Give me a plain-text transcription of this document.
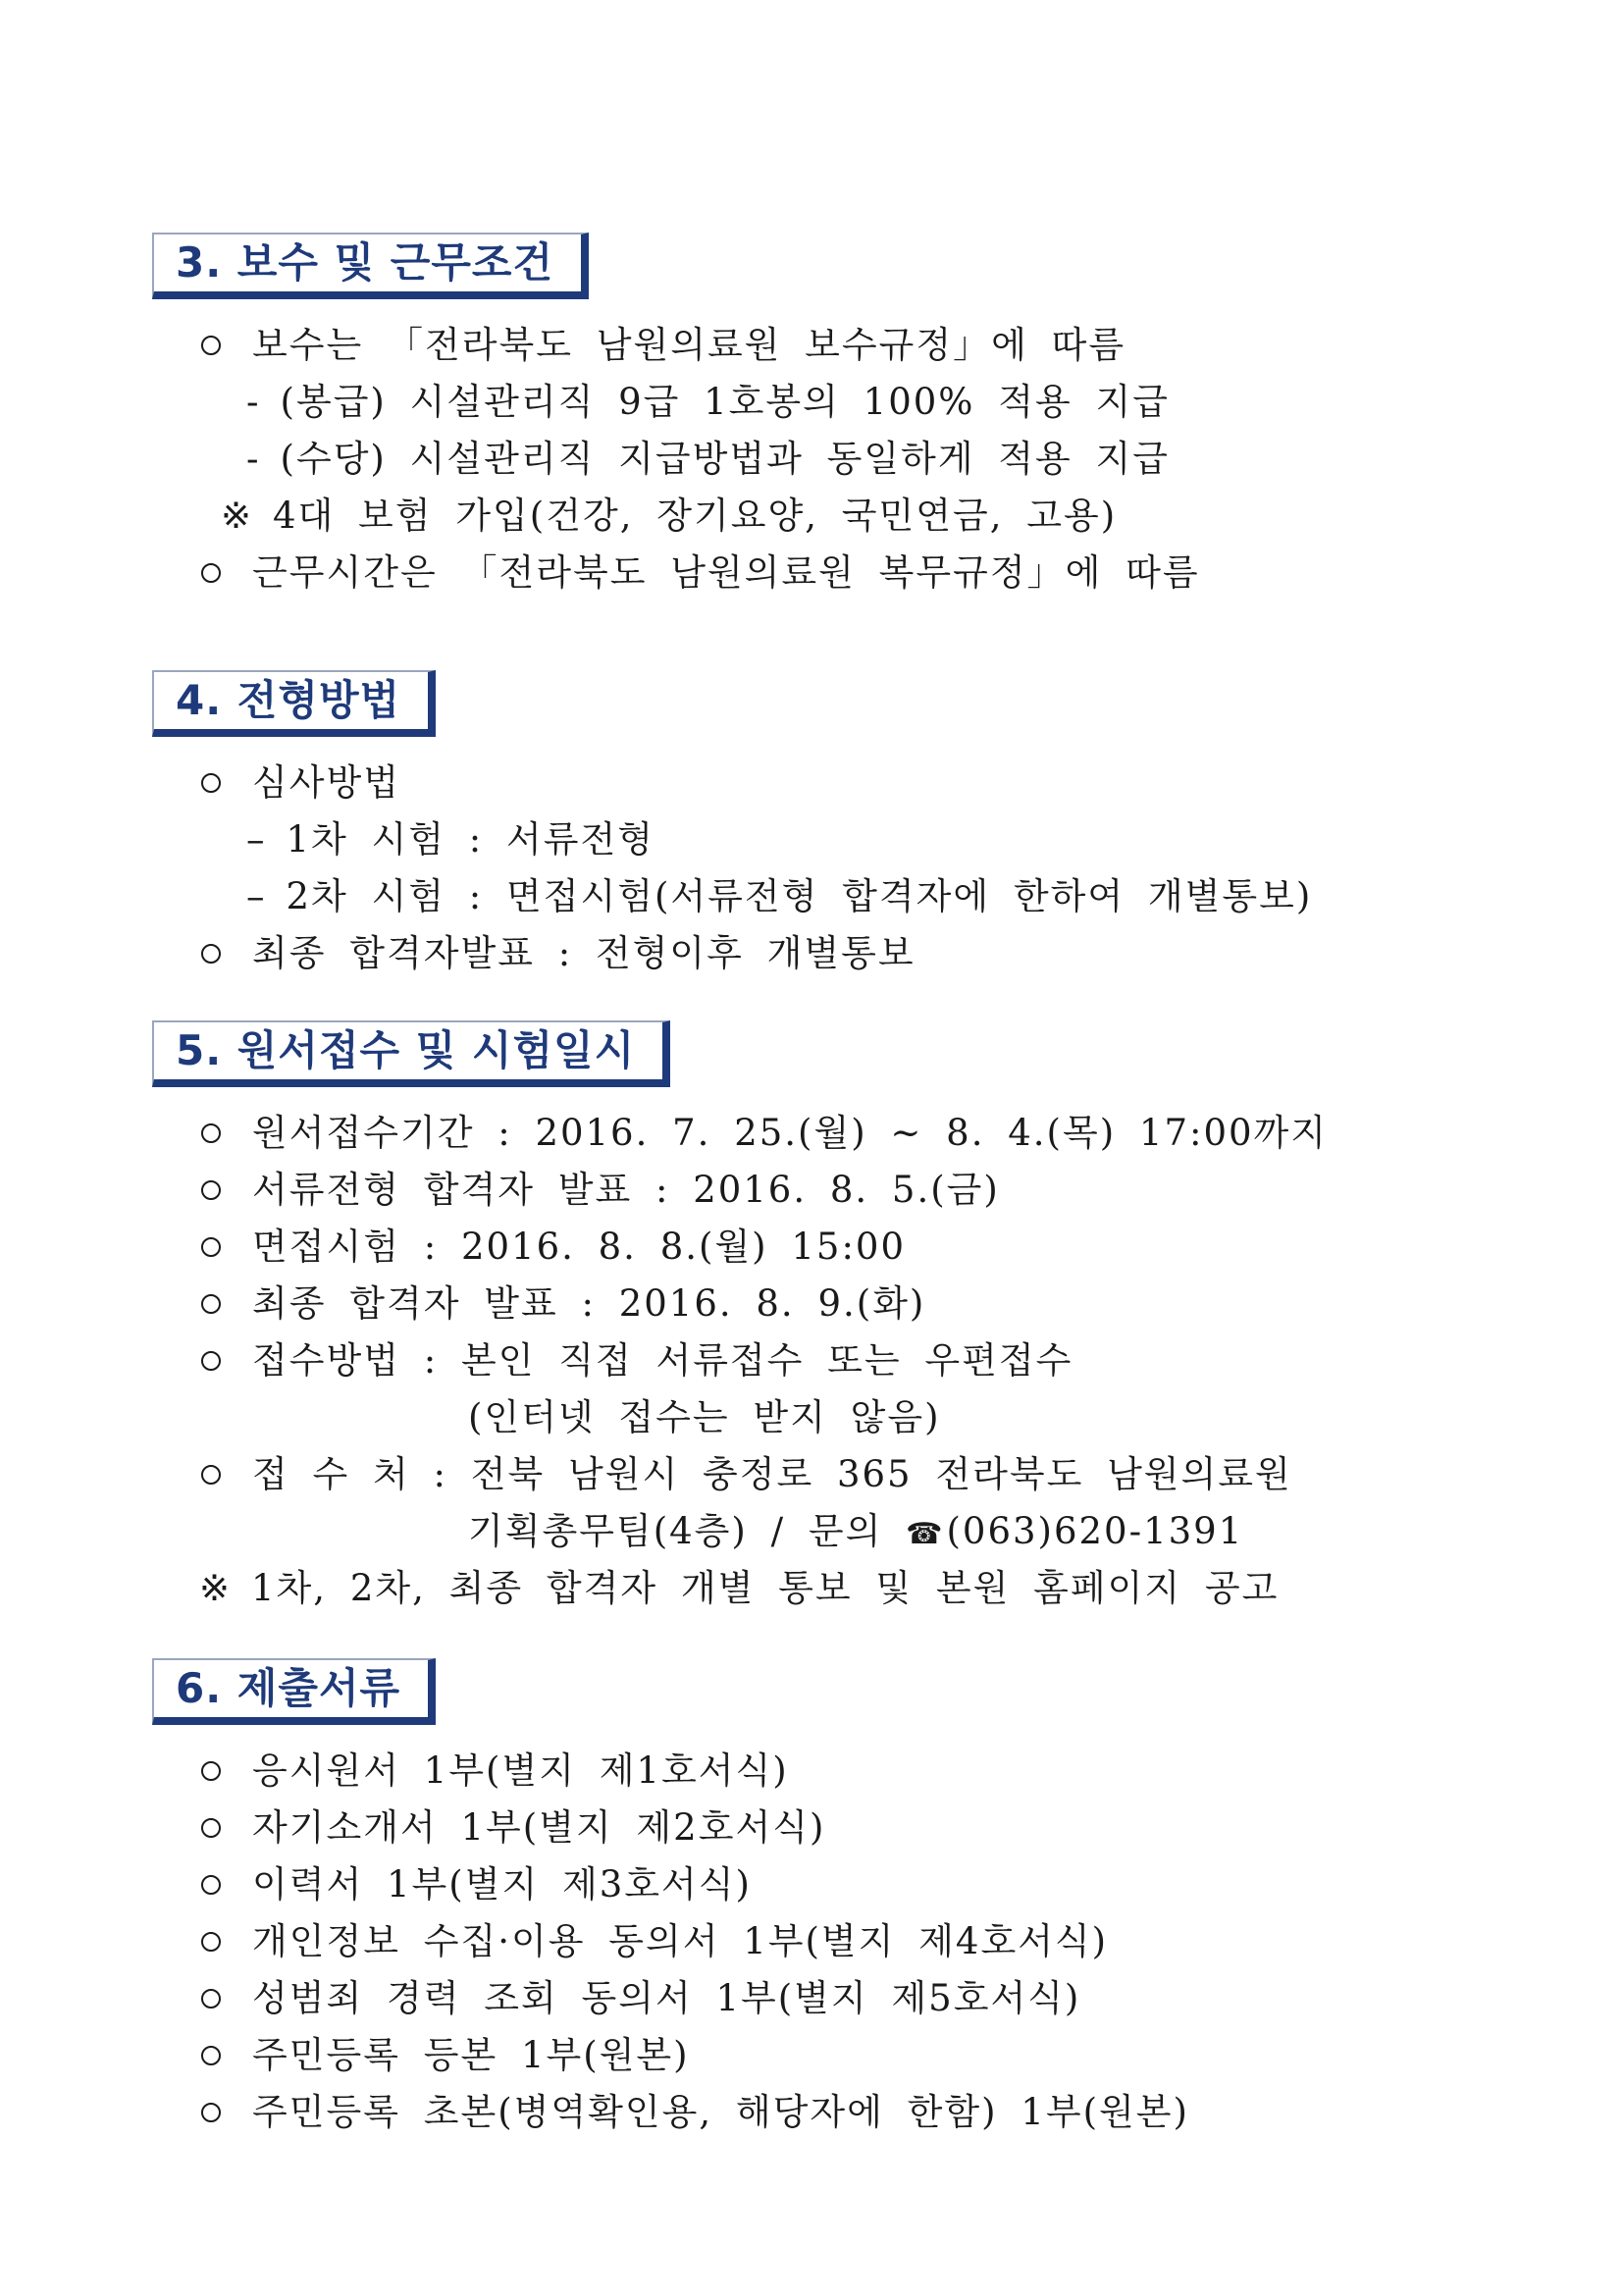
3. 보수 및 근무조건
보수는 「전라북도 남원의료원 보수규정」에 따름
- (봉급) 시설관리직 9급 1호봉의 100% 적용 지급
- (수당) 시설관리직 지급방법과 동일하게 적용 지급
※ 4대 보험 가입(건강, 장기요양, 국민연금, 고용)
근무시간은 「전라북도 남원의료원 복무규정」에 따름
4. 전형방법
심사방법
– 1차 시험 : 서류전형
– 2차 시험 : 면접시험(서류전형 합격자에 한하여 개별통보)
최종 합격자발표 : 전형이후 개별통보
5. 원서접수 및 시험일시
원서접수기간 : 2016. 7. 25.(월) ~ 8. 4.(목) 17:00까지
서류전형 합격자 발표 : 2016. 8. 5.(금)
면접시험 : 2016. 8. 8.(월) 15:00
최종 합격자 발표 : 2016. 8. 9.(화)
접수방법 : 본인 직접 서류접수 또는 우편접수
(인터넷 접수는 받지 않음)
접 수 처 : 전북 남원시 충정로 365 전라북도 남원의료원
기획총무팀(4층) / 문의 ☎(063)620-1391
※ 1차, 2차, 최종 합격자 개별 통보 및 본원 홈페이지 공고
6. 제출서류
응시원서 1부(별지 제1호서식)
자기소개서 1부(별지 제2호서식)
이력서 1부(별지 제3호서식)
개인정보 수집·이용 동의서 1부(별지 제4호서식)
성범죄 경력 조회 동의서 1부(별지 제5호서식)
주민등록 등본 1부(원본)
주민등록 초본(병역확인용, 해당자에 한함) 1부(원본)
